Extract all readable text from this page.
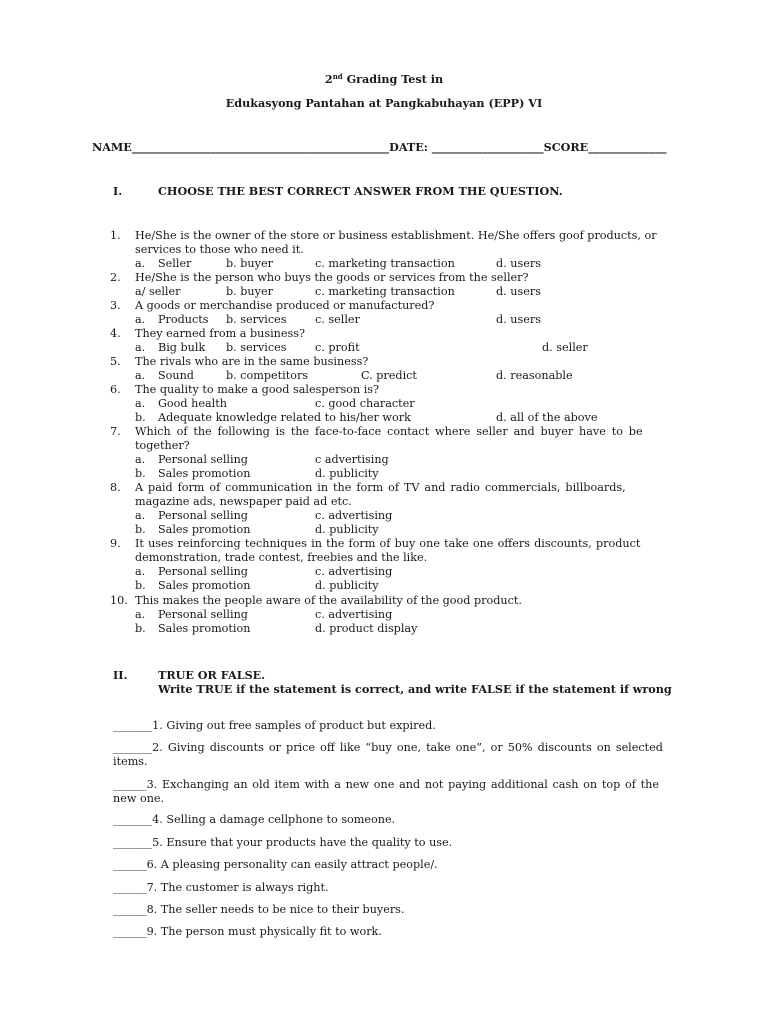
2nd Grading Test in
Edukasyong Pantahan at Pangkabuhayan (EPP) VI
NAME______________________________________________DATE: ____________________SCORE______________
I.	CHOOSE THE BEST CORRECT ANSWER FROM THE QUESTION.
1. He/She is the owner of the store or business establishment. He/She offers goof products, or
services to those who need it.
a. Seller	b. buyer	c. marketing transaction	d. users
2. He/She is the person who buys the goods or services from the seller?
a/ seller	b. buyer	c. marketing transaction	d. users
3. A goods or merchandise produced or manufactured?
a. Products b. services	c. seller	d. users
4. They earned from a business?
a. Big bulk b. services	c. profit	d. seller
5. The rivals who are in the same business?
a. Sound	b. competitors	C. predict	d. reasonable
6. The quality to make a good salesperson is?
a. Good health	c. good character
b. Adequate knowledge related to his/her work	d. all of the above
7. Which of the following is the face-to-face contact where seller and buyer have to be
together?
a. Personal selling	c advertising
b. Sales promotion	d. publicity
8. A paid form of communication in the form of TV and radio commercials, billboards,
magazine ads, newspaper paid ad etc.
a. Personal selling	c. advertising
b. Sales promotion	d. publicity
9. It uses reinforcing techniques in the form of buy one take one offers discounts, product
demonstration, trade contest, freebies and the like.
a. Personal selling	c. advertising
b. Sales promotion	d. publicity
10. This makes the people aware of the availability of the good product.
a. Personal selling	c. advertising
b. Sales promotion	d. product display
II.	TRUE OR FALSE.
Write TRUE if the statement is correct, and write FALSE if the statement if wrong
_______1. Giving out free samples of product but expired.
_______2. Giving discounts or price off like “buy one, take one”, or 50% discounts on selected
items.
______3. Exchanging an old item with a new one and not paying additional cash on top of the
new one.
_______4. Selling a damage cellphone to someone.
_______5. Ensure that your products have the quality to use.
______6. A pleasing personality can easily attract people/.
______7. The customer is always right.
______8. The seller needs to be nice to their buyers.
______9. The person must physically fit to work.
